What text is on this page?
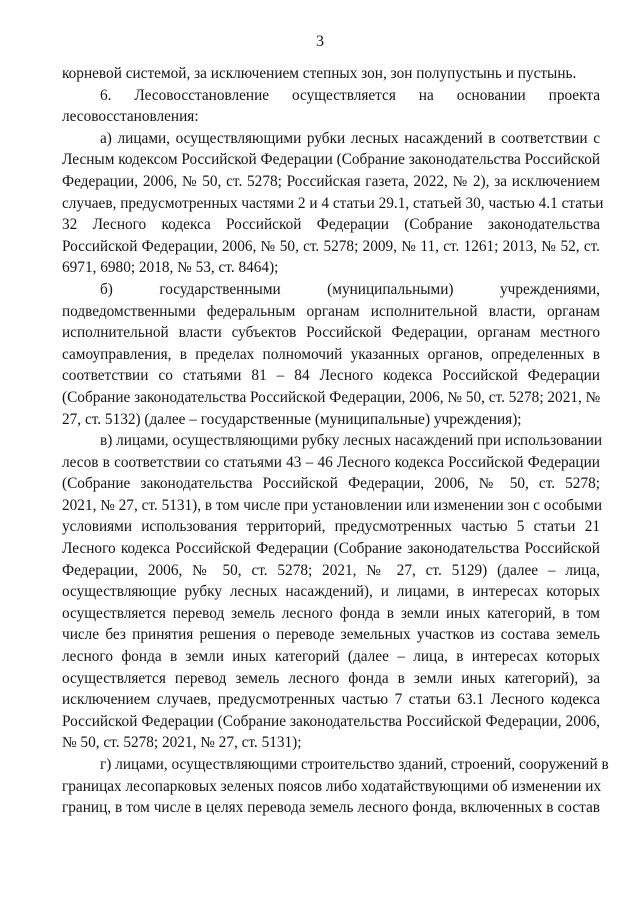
3
корневой системой, за исключением степных зон, зон полупустынь и пустынь.
6. Лесовосстановление осуществляется на основании проекта
лесовосстановления:
а) лицами, осуществляющими рубки лесных насаждений в соответствии с
Лесным кодексом Российской Федерации (Собрание законодательства Российской
Федерации, 2006, № 50, ст. 5278; Российская газета, 2022, № 2), за исключением
случаев, предусмотренных частями 2 и 4 статьи 29.1, статьей 30, частью 4.1 статьи
32 Лесного кодекса Российской Федерации (Собрание законодательства
Российской Федерации, 2006, № 50, ст. 5278; 2009, № 11, ст. 1261; 2013, № 52, ст.
6971, 6980; 2018, № 53, ст. 8464);
б) государственными (муниципальными) учреждениями,
подведомственными федеральным органам исполнительной власти, органам
исполнительной власти субъектов Российской Федерации, органам местного
самоуправления, в пределах полномочий указанных органов, определенных в
соответствии со статьями 81 – 84 Лесного кодекса Российской Федерации
(Собрание законодательства Российской Федерации, 2006, № 50, ст. 5278; 2021, №
27, ст. 5132) (далее – государственные (муниципальные) учреждения);
в) лицами, осуществляющими рубку лесных насаждений при использовании
лесов в соответствии со статьями 43 – 46 Лесного кодекса Российской Федерации
(Собрание законодательства Российской Федерации, 2006, № 50, ст. 5278;
2021, № 27, ст. 5131), в том числе при установлении или изменении зон с особыми
условиями использования территорий, предусмотренных частью 5 статьи 21
Лесного кодекса Российской Федерации (Собрание законодательства Российской
Федерации, 2006, № 50, ст. 5278; 2021, № 27, ст. 5129) (далее – лица,
осуществляющие рубку лесных насаждений), и лицами, в интересах которых
осуществляется перевод земель лесного фонда в земли иных категорий, в том
числе без принятия решения о переводе земельных участков из состава земель
лесного фонда в земли иных категорий (далее – лица, в интересах которых
осуществляется перевод земель лесного фонда в земли иных категорий), за
исключением случаев, предусмотренных частью 7 статьи 63.1 Лесного кодекса
Российской Федерации (Собрание законодательства Российской Федерации, 2006,
№ 50, ст. 5278; 2021, № 27, ст. 5131);
г) лицами, осуществляющими строительство зданий, строений, сооружений в
границах лесопарковых зеленых поясов либо ходатайствующими об изменении их
границ, в том числе в целях перевода земель лесного фонда, включенных в состав
